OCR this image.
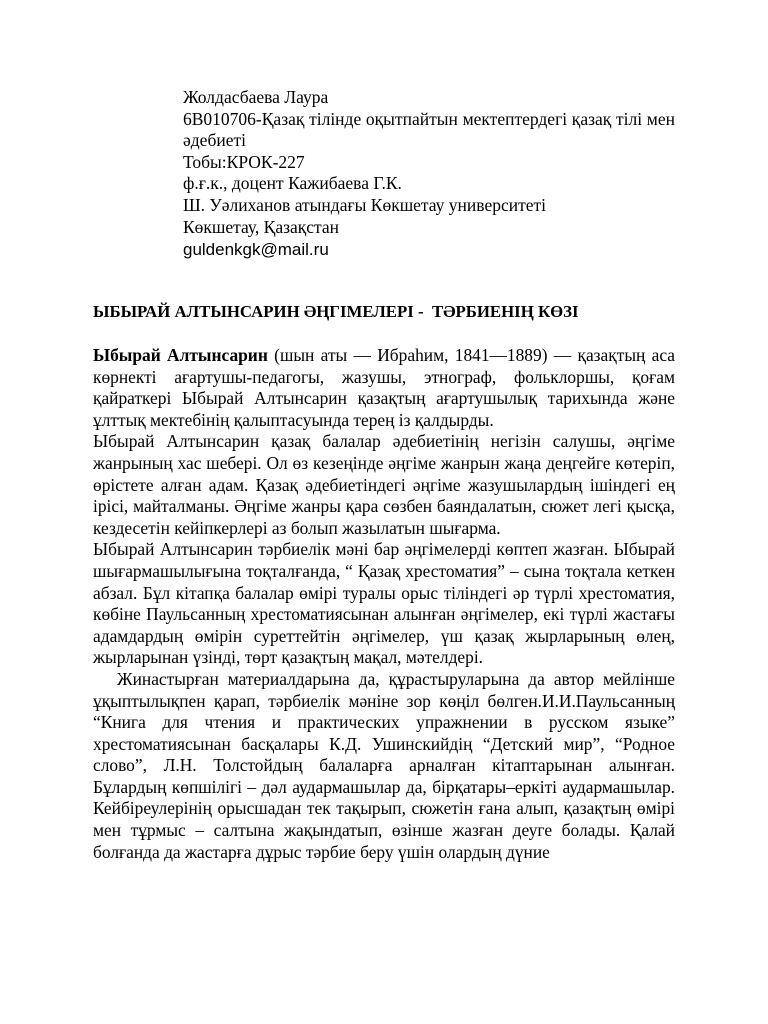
Жолдасбаева Лаура

6В010706-Қазақ тілінде оқытпайтын мектептердегі қазақ тілі мен әдебиеті

Тобы:КРОК-227

ф.ғ.к., доцент Кажибаева Г.К.

Ш. Уәлиханов атындағы Көкшетау университеті

Көкшетау, Қазақстан

guldenkgk@mail.ru

ЫБЫРАЙ АЛТЫНСАРИН ӘҢГІМЕЛЕРІ -  ТӘРБИЕНІҢ КӨЗІ

Ыбырай Алтынсарин (шын аты — Ибраһим, 1841—1889) — қазақтың аса көрнекті ағартушы-педагогы, жазушы, этнограф, фольклоршы, қоғам қайраткері Ыбырай Алтынсарин қазақтың ағартушылық тарихында және ұлттық мектебінің қалыптасуында терең із қалдырды.

Ыбырай Алтынсарин қазақ балалар әдебиетінің негізін салушы, әңгіме жанрының хас шебері. Ол өз кезеңінде әңгіме жанрын жаңа деңгейге көтеріп, өрістете алған адам. Қазақ әдебиетіндегі әңгіме жазушылардың ішіндегі ең ірісі, майталманы. Әңгіме жанры қара сөзбен баяндалатын, сюжет легі қысқа, кездесетін кейіпкерлері аз болып жазылатын шығарма.

Ыбырай Алтынсарин тәрбиелік мәні бар әңгімелерді көптеп жазған. Ыбырай шығармашылығына тоқталғанда, “ Қазақ хрестоматия” – сына тоқтала кеткен абзал. Бұл кітапқа балалар өмірі туралы орыс тіліндегі әр түрлі хрестоматия, көбіне Паульсанның хрестоматиясынан алынған әңгімелер, екі түрлі жастағы адамдардың өмірін суреттейтін әңгімелер, үш қазақ жырларының өлең, жырларынан үзінді, төрт қазақтың мақал, мәтелдері.

Жинастырған материалдарына да, құрастыруларына да автор мейлінше ұқыптылықпен қарап, тәрбиелік мәніне зор көңіл бөлген.И.И.Паульсанның “Книга для чтения и практических упражнении в русском языке” хрестоматиясынан басқалары К.Д. Ушинскийдің “Детский мир”, “Родное слово”, Л.Н. Толстойдың балаларға арналған кітаптарынан алынған. Бұлардың көпшілігі – дәл аудармашылар да, бірқатары–еркіті аудармашылар. Кейбіреулерінің орысшадан тек тақырып, сюжетін ғана алып, қазақтың өмірі мен тұрмыс – салтына жақындатып, өзінше жазған деуге болады. Қалай болғанда да жастарға дұрыс тәрбие беру үшін олардың дүние
